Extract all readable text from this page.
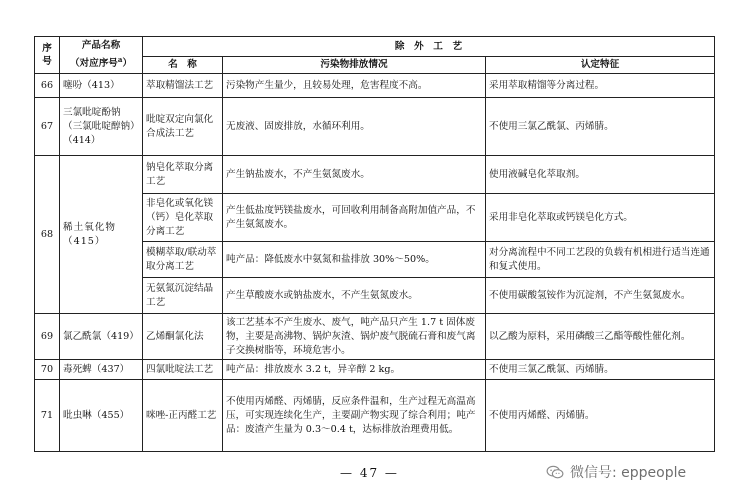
序号	产品名称
（对应序号$^a$）	除　外　工　艺		
		名　称	污染物排放情况	认定特征
66	噻吩（413）	萃取精馏法工艺	污染物产生量少，且较易处理，危害程度不高。	采用萃取精馏等分离过程。
67	三氯吡啶酚钠（三氯吡啶醇钠）（414）	吡啶双定向氯化合成法工艺	无废液、固废排放，水循环利用。	不使用三氯乙酰氯、丙烯腈。
68	稀土氧化物（415）	钠皂化萃取分离工艺	产生钠盐废水，不产生氨氮废水。	使用液碱皂化萃取剂。
		非皂化或氧化镁（钙）皂化萃取分离工艺	产生低盐度钙镁盐废水，可回收利用制备高附加值产品，不产生氨氮废水。	采用非皂化萃取或钙镁皂化方式。
		模糊萃取/联动萃取分离工艺	吨产品：降低废水中氨氮和盐排放 30%～50%。	对分离流程中不同工艺段的负载有机相进行适当连通和复式使用。
		无氨氮沉淀结晶工艺	产生草酸废水或钠盐废水，不产生氨氮废水。	不使用碳酸氢铵作为沉淀剂，不产生氨氮废水。
69	氯乙酰氯（419）	乙烯酮氯化法	该工艺基本不产生废水、废气，吨产品只产生 1.7 t 固体废物，主要是高沸物、锅炉灰渣、锅炉废气脱硫石膏和废气离子交换树脂等，环境危害小。	以乙酸为原料，采用磷酸三乙酯等酸性催化剂。
70	毒死蜱（437）	四氯吡啶法工艺	吨产品：排放废水 3.2 t，异辛醇 2 kg。	不使用三氯乙酰氯、丙烯腈。
71	吡虫啉（455）	咪唑-正丙醛工艺	不使用丙烯醛、丙烯腈，反应条件温和，生产过程无高温高压，可实现连续化生产，主要副产物实现了综合利用；吨产品：废渣产生量为 0.3～0.4 t，达标排放治理费用低。	不使用丙烯醛、丙烯腈。
— 47 —	微信号: eppeople
